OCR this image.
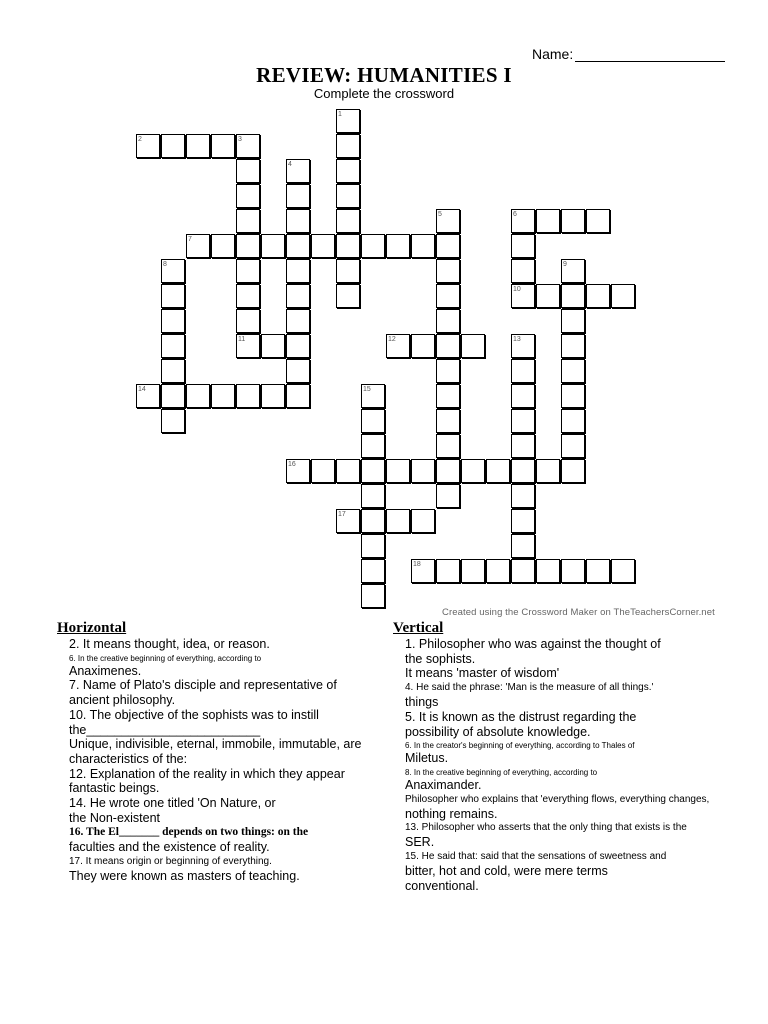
Name:
REVIEW: HUMANITIES I
Complete the crossword
1
2	3
4
5	6
7
8	9
10
11	12	13
14	15
16
17
18
Created using the Crossword Maker on TheTeachersCorner.net
Horizontal

2. It means thought, idea, or reason.

6. In the creative beginning of everything, according to

Anaximenes.

7. Name of Plato's disciple and representative of

ancient philosophy.

10. The objective of the sophists was to instill

the_________________________

Unique, indivisible, eternal, immobile, immutable, are

characteristics of the:

12. Explanation of the reality in which they appear

fantastic beings.

14. He wrote one titled 'On Nature, or

the Non-existent

16. The El_______ depends on two things: on the

faculties and the existence of reality.

17. It means origin or beginning of everything.

They were known as masters of teaching.

Vertical

1. Philosopher who was against the thought of

the sophists.

It means 'master of wisdom'

4. He said the phrase: 'Man is the measure of all things.'

things

5. It is known as the distrust regarding the

possibility of absolute knowledge.

6. In the creator's beginning of everything, according to Thales of

Miletus.

8. In the creative beginning of everything, according to

Anaximander.

Philosopher who explains that 'everything flows, everything changes,

nothing remains.

13. Philosopher who asserts that the only thing that exists is the

SER.

15. He said that: said that the sensations of sweetness and

bitter, hot and cold, were mere terms

conventional.
